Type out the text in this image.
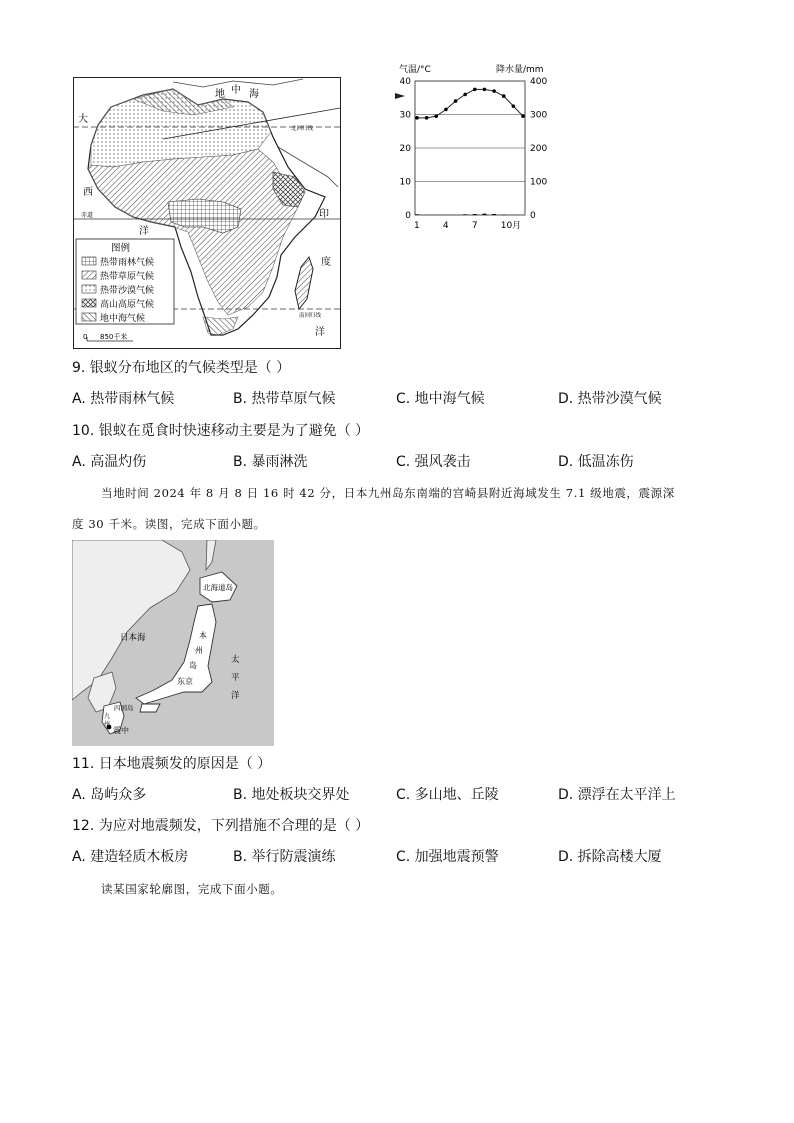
地 中 海
大
西
洋
印
度
洋
北回归线
赤道
南回归线
图例
热带雨林气候
热带草原气候
热带沙漠气候
高山高原气候
地中海气候
0 850千米
气温/°C	降水量/mm
0	0
10	100
20	200
30	300
40	400
1	4	7	10月
9. 银蚁分布地区的气候类型是（ ）
A. 热带雨林气候	B. 热带草原气候	C. 地中海气候	D. 热带沙漠气候
10. 银蚁在觅食时快速移动主要是为了避免（ ）
A. 高温灼伤	B. 暴雨淋洗	C. 强风袭击	D. 低温冻伤
当地时间 2024 年 8 月 8 日 16 时 42 分，日本九州岛东南端的宫崎县附近海域发生 7.1 级地震，震源深
度 30 千米。读图，完成下面小题。
北海道岛
日本海	本
州
岛
东京
太
平
洋
四国岛
九
州
震中
11. 日本地震频发的原因是（ ）
A. 岛屿众多	B. 地处板块交界处	C. 多山地、丘陵	D. 漂浮在太平洋上
12. 为应对地震频发，下列措施不合理的是（ ）
A. 建造轻质木板房	B. 举行防震演练	C. 加强地震预警	D. 拆除高楼大厦
读某国家轮廓图，完成下面小题。
